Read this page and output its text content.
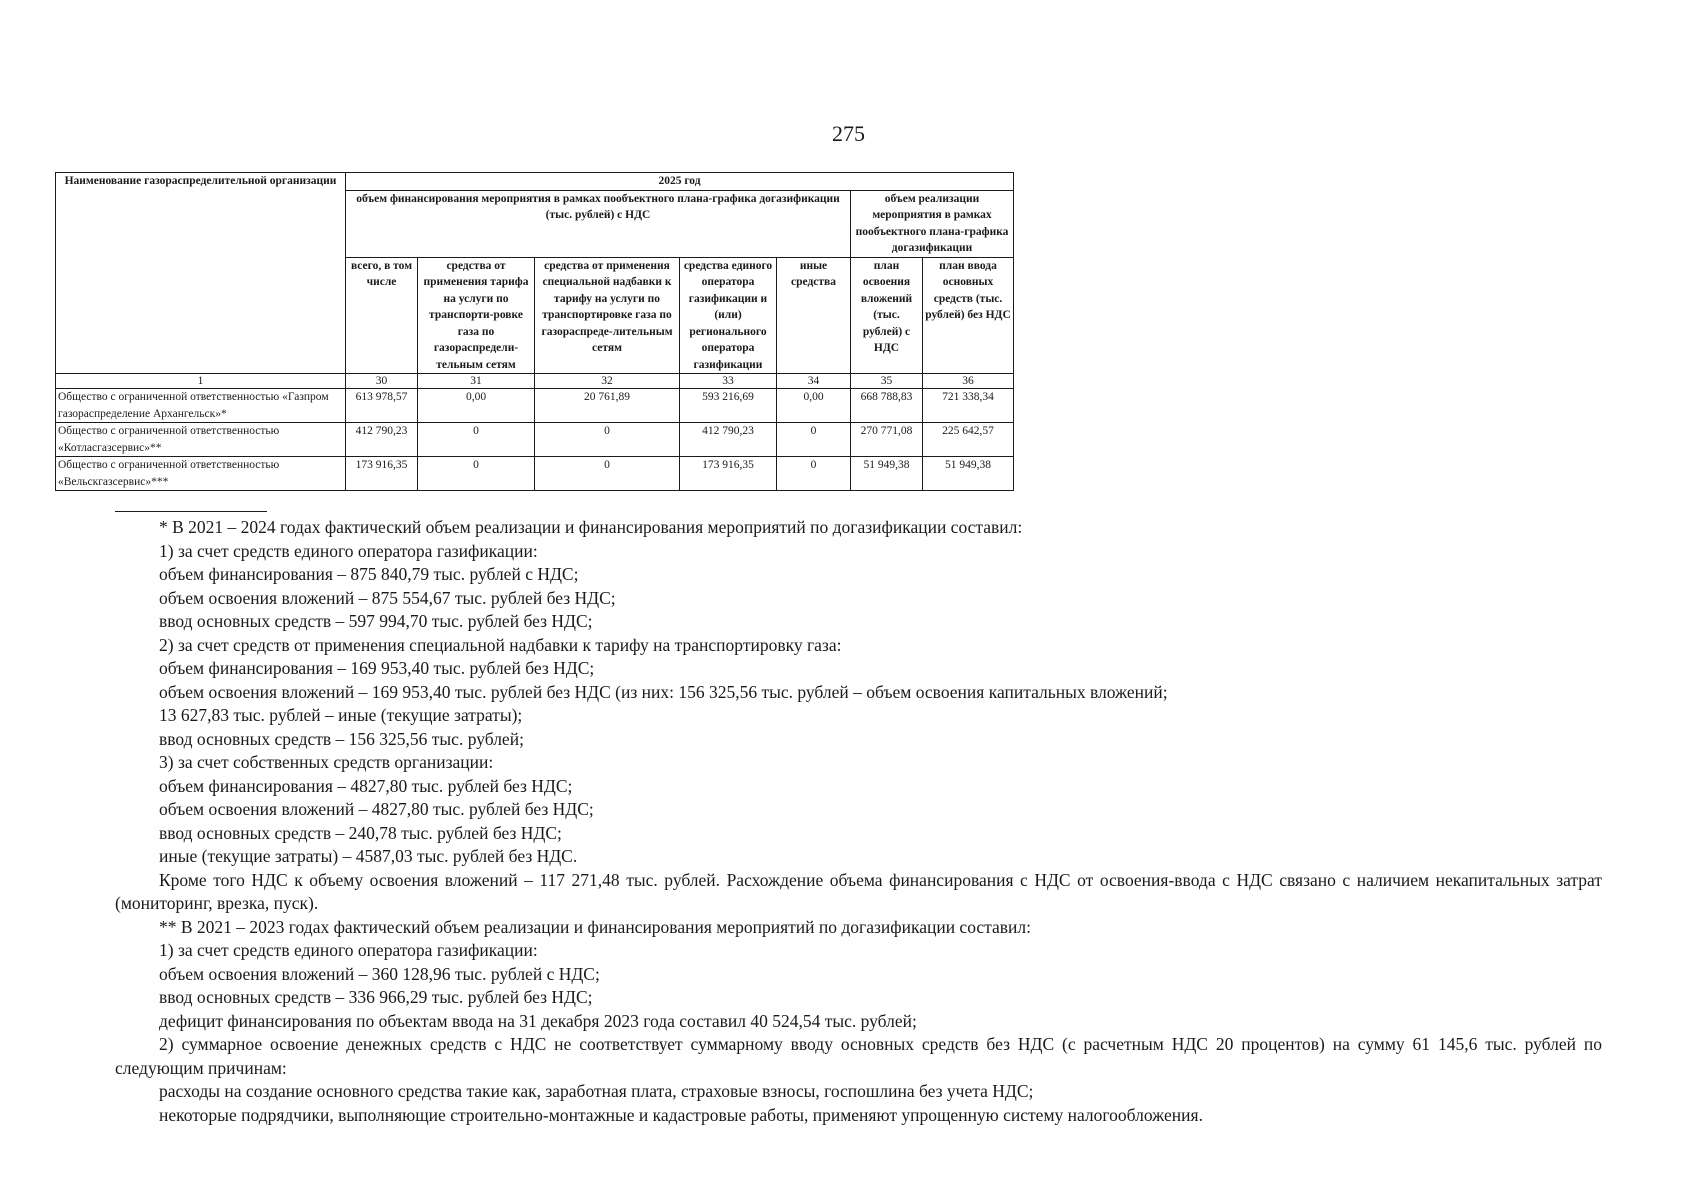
275
Наименование газораспределительной организации	2025 год						
	объем финансирования мероприятия в рамках пообъектного плана-графика догазификации (тыс. рублей) с НДС					объем реализации мероприятия в рамках пообъектного плана-графика догазификации	
	всего, в том числе	средства от применения тарифа на услуги по транспорти-ровке газа по газораспредели-тельным сетям	средства от применения специальной надбавки к тарифу на услуги по транспортировке газа по газораспреде-лительным сетям	средства единого оператора газификации и (или) регионального оператора газификации	иные средства	план освоения вложений (тыс. рублей) с НДС	план ввода основных средств (тыс. рублей) без НДС
1	30	31	32	33	34	35	36
Общество с ограниченной ответственностью «Газпром газораспределение Архангельск»*	613 978,57	0,00	20 761,89	593 216,69	0,00	668 788,83	721 338,34
Общество с ограниченной ответственностью «Котласгазсервис»**	412 790,23	0	0	412 790,23	0	270 771,08	225 642,57
Общество с ограниченной ответственностью «Вельскгазсервис»***	173 916,35	0	0	173 916,35	0	51 949,38	51 949,38

* В 2021 – 2024 годах фактический объем реализации и финансирования мероприятий по догазификации составил:

1) за счет средств единого оператора газификации:

объем финансирования – 875 840,79 тыс. рублей с НДС;

объем освоения вложений – 875 554,67 тыс. рублей без НДС;

ввод основных средств – 597 994,70 тыс. рублей без НДС;

2) за счет средств от применения специальной надбавки к тарифу на транспортировку газа:

объем финансирования – 169 953,40 тыс. рублей без НДС;

объем освоения вложений – 169 953,40 тыс. рублей без НДС (из них: 156 325,56 тыс. рублей – объем освоения капитальных вложений;

13 627,83 тыс. рублей – иные (текущие затраты);

ввод основных средств – 156 325,56 тыс. рублей;

3) за счет собственных средств организации:

объем финансирования – 4827,80 тыс. рублей без НДС;

объем освоения вложений – 4827,80 тыс. рублей без НДС;

ввод основных средств – 240,78 тыс. рублей без НДС;

иные (текущие затраты) – 4587,03 тыс. рублей без НДС.

Кроме того НДС к объему освоения вложений – 117 271,48 тыс. рублей. Расхождение объема финансирования с НДС от освоения-ввода с НДС связано с наличием некапитальных затрат (мониторинг, врезка, пуск).

** В 2021 – 2023 годах фактический объем реализации и финансирования мероприятий по догазификации составил:

1) за счет средств единого оператора газификации:

объем освоения вложений – 360 128,96 тыс. рублей с НДС;

ввод основных средств – 336 966,29 тыс. рублей без НДС;

дефицит финансирования по объектам ввода на 31 декабря 2023 года составил 40 524,54 тыс. рублей;

2) суммарное освоение денежных средств с НДС не соответствует суммарному вводу основных средств без НДС (с расчетным НДС 20 процентов) на сумму 61 145,6 тыс. рублей по следующим причинам:

расходы на создание основного средства такие как, заработная плата, страховые взносы, госпошлина без учета НДС;

некоторые подрядчики, выполняющие строительно-монтажные и кадастровые работы, применяют упрощенную систему налогообложения.
